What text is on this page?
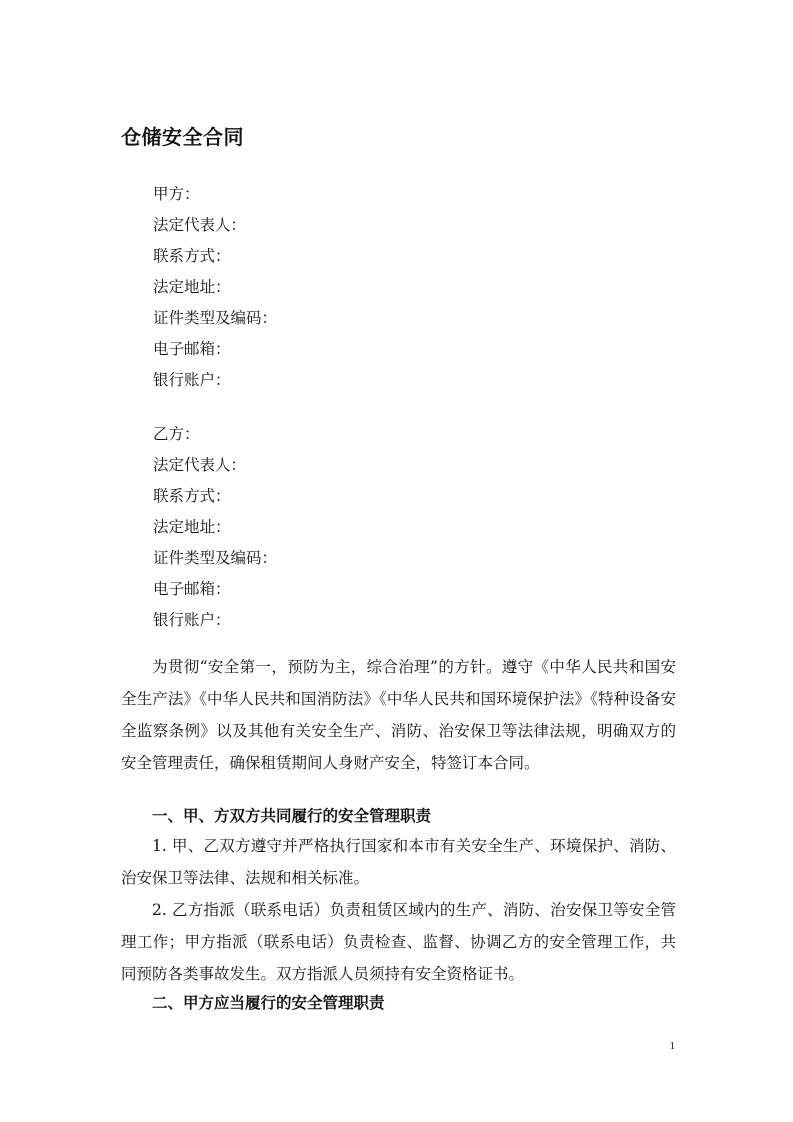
仓储安全合同
甲方：
法定代表人：
联系方式：
法定地址：
证件类型及编码：
电子邮箱：
银行账户：
乙方：
法定代表人：
联系方式：
法定地址：
证件类型及编码：
电子邮箱：
银行账户：

为贯彻“安全第一，预防为主，综合治理”的方针。遵守《中华人民共和国安全生产法》《中华人民共和国消防法》《中华人民共和国环境保护法》《特种设备安全监察条例》以及其他有关安全生产、消防、治安保卫等法律法规，明确双方的安全管理责任，确保租赁期间人身财产安全，特签订本合同。

一、甲、方双方共同履行的安全管理职责

1. 甲、乙双方遵守并严格执行国家和本市有关安全生产、环境保护、消防、治安保卫等法律、法规和相关标准。

2. 乙方指派（联系电话）负责租赁区域内的生产、消防、治安保卫等安全管理工作；甲方指派（联系电话）负责检查、监督、协调乙方的安全管理工作，共同预防各类事故发生。双方指派人员须持有安全资格证书。

二、甲方应当履行的安全管理职责
1
